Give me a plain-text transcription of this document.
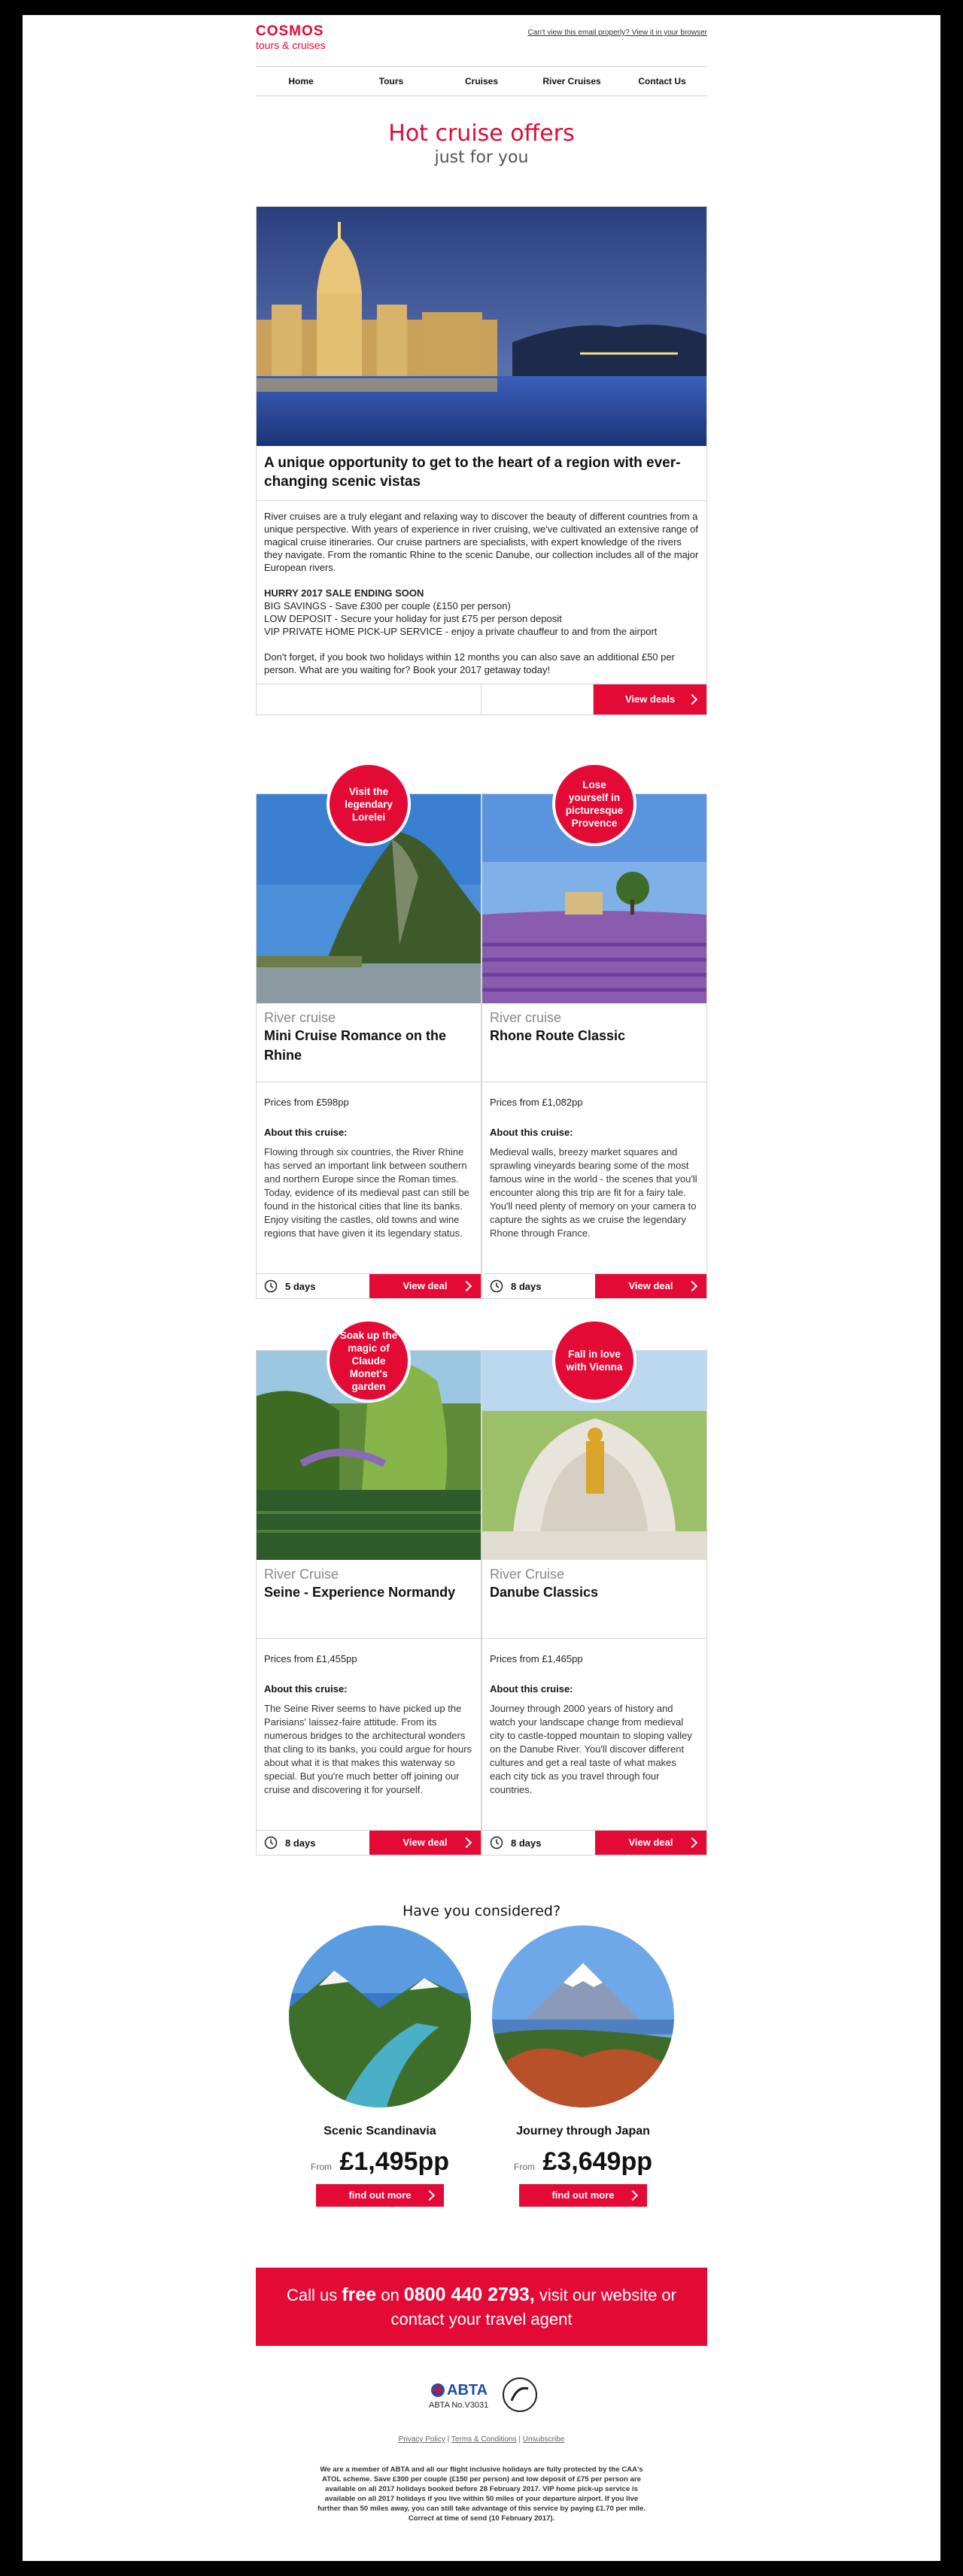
COSMOS
tours & cruises
Can't view this email properly? View it in your browser
Home	Tours	Cruises	River Cruises	Contact Us
Hot cruise offers
just for you
A unique opportunity to get to the heart of a region with ever-changing scenic vistas

River cruises are a truly elegant and relaxing way to discover the beauty of different countries from a unique perspective. With years of experience in river cruising, we've cultivated an extensive range of magical cruise itineraries. Our cruise partners are specialists, with expert knowledge of the rivers they navigate. From the romantic Rhine to the scenic Danube, our collection includes all of the major European rivers.

HURRY 2017 SALE ENDING SOON
BIG SAVINGS - Save £300 per couple (£150 per person)
LOW DEPOSIT - Secure your holiday for just £75 per person deposit
VIP PRIVATE HOME PICK-UP SERVICE - enjoy a private chauffeur to and from the airport

Don't forget, if you book two holidays within 12 months you can also save an additional £50 per person. What are you waiting for? Book your 2017 getaway today!

View deals
River cruise
Mini Cruise Romance on the Rhine
Prices from £598pp
About this cruise:
Flowing through six countries, the River Rhine has served an important link between southern and northern Europe since the Roman times. Today, evidence of its medieval past can still be found in the historical cities that line its banks. Enjoy visiting the castles, old towns and wine regions that have given it its legendary status.
5 days	View deal
River cruise
Rhone Route Classic
Prices from £1,082pp
About this cruise:
Medieval walls, breezy market squares and sprawling vineyards bearing some of the most famous wine in the world - the scenes that you'll encounter along this trip are fit for a fairy tale. You'll need plenty of memory on your camera to capture the sights as we cruise the legendary Rhone through France.
8 days	View deal
Visit the legendary Lorelei
Lose yourself in picturesque Provence
River Cruise
Seine - Experience Normandy
Prices from £1,455pp
About this cruise:
The Seine River seems to have picked up the Parisians' laissez-faire attitude. From its numerous bridges to the architectural wonders that cling to its banks, you could argue for hours about what it is that makes this waterway so special. But you're much better off joining our cruise and discovering it for yourself.
8 days	View deal
River Cruise
Danube Classics
Prices from £1,465pp
About this cruise:
Journey through 2000 years of history and watch your landscape change from medieval city to castle-topped mountain to sloping valley on the Danube River. You'll discover different cultures and get a real taste of what makes each city tick as you travel through four countries.
8 days	View deal
Soak up the magic of Claude Monet's garden
Fall in love with Vienna
Have you considered?
Scenic Scandinavia
From £1,495pp
find out more
Journey through Japan
From £3,649pp
find out more
Call us free on 0800 440 2793, visit our website or contact your travel agent
ABTA
ABTA No.V3031
Privacy Policy | Terms & Conditions | Unsubscribe
We are a member of ABTA and all our flight inclusive holidays are fully protected by the CAA's ATOL scheme. Save £300 per couple (£150 per person) and low deposit of £75 per person are available on all 2017 holidays booked before 28 February 2017. VIP home pick-up service is available on all 2017 holidays if you live within 50 miles of your departure airport. If you live further than 50 miles away, you can still take advantage of this service by paying £1.70 per mile. Correct at time of send (10 February 2017).
